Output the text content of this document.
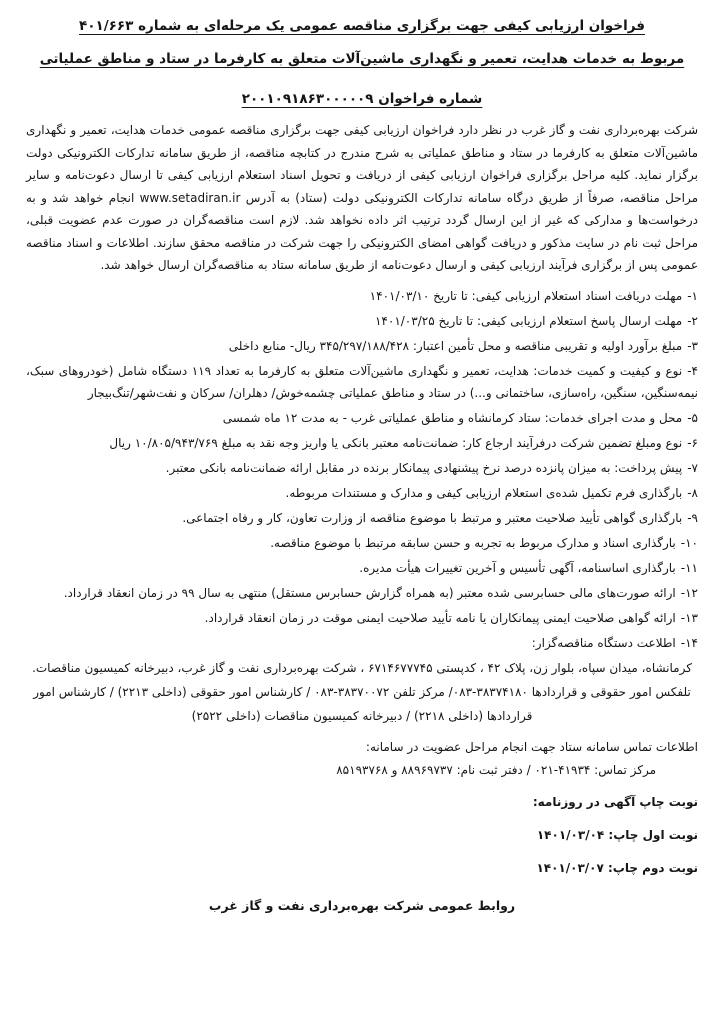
فراخوان ارزیابی کیفی جهت برگزاری مناقصه عمومی یک مرحله‌ای به شماره ۴۰۱/۶۶۳
مربوط به خدمات هدایت، تعمیر و نگهداری ماشین‌آلات متعلق به کارفرما در ستاد و مناطق عملیاتی
شماره فراخوان ۲۰۰۱۰۹۱۸۶۳۰۰۰۰۰۹

شرکت بهره‌برداری نفت و گاز غرب در نظر دارد فراخوان ارزیابی کیفی جهت برگزاری مناقصه عمومی خدمات هدایت، تعمیر و نگهداری ماشین‌آلات متعلق به کارفرما در ستاد و مناطق عملیاتی به شرح مندرج در کتابچه مناقصه، از طریق سامانه تدارکات الکترونیکی دولت برگزار نماید. کلیه مراحل برگزاری فراخوان ارزیابی کیفی از دریافت و تحویل اسناد استعلام ارزیابی کیفی تا ارسال دعوت‌نامه و سایر مراحل مناقصه، صرفاً از طریق درگاه سامانه تدارکات الکترونیکی دولت (ستاد) به آدرس www.setadiran.ir انجام خواهد شد و به درخواست‌ها و مدارکی که غیر از این ارسال گردد ترتیب اثر داده نخواهد شد. لازم است مناقصه‌گران در صورت عدم عضویت قبلی، مراحل ثبت نام در سایت مذکور و دریافت گواهی امضای الکترونیکی را جهت شرکت در مناقصه محقق سازند. اطلاعات و اسناد مناقصه عمومی پس از برگزاری فرآیند ارزیابی کیفی و ارسال دعوت‌نامه از طریق سامانه ستاد به مناقصه‌گران ارسال خواهد شد.

۱-مهلت دریافت اسناد استعلام ارزیابی کیفی: تا تاریخ ۱۴۰۱/۰۳/۱۰
۲-مهلت ارسال پاسخ استعلام ارزیابی کیفی: تا تاریخ ۱۴۰۱/۰۳/۲۵
۳-مبلغ برآورد اولیه و تقریبی مناقصه و محل تأمین اعتبار: ۳۴۵/۲۹۷/۱۸۸/۴۲۸ ریال- منابع داخلی
۴-نوع و کیفیت و کمیت خدمات: هدایت، تعمیر و نگهداری ماشین‌آلات متعلق به کارفرما به تعداد ۱۱۹ دستگاه شامل (خودروهای سبک، نیمه‌سنگین، سنگین، راه‌سازی، ساختمانی و...) در ستاد و مناطق عملیاتی چشمه‌خوش/ دهلران/ سرکان و نفت‌شهر/تنگ‌بیجار
۵-محل و مدت اجرای خدمات: ستاد کرمانشاه و مناطق عملیاتی غرب - به مدت ۱۲ ماه شمسی
۶-نوع ومبلغ تضمین شرکت درفرآیند ارجاع کار: ضمانت‌نامه معتبر بانکی یا واریز وجه نقد به مبلغ ۱۰/۸۰۵/۹۴۳/۷۶۹ ریال
۷-پیش پرداخت: به میزان پانزده درصد نرخ پیشنهادی پیمانکار برنده در مقابل ارائه ضمانت‌نامه بانکی معتبر.
۸-بارگذاری فرم تکمیل شده‌ی استعلام ارزیابی کیفی و مدارک و مستندات مربوطه.
۹-بارگذاری گواهی تأیید صلاحیت معتبر و مرتبط با موضوع مناقصه از وزارت تعاون، کار و رفاه اجتماعی.
۱۰-بارگذاری اسناد و مدارک مربوط به تجربه و حسن سابقه مرتبط با موضوع مناقصه.
۱۱-بارگذاری اساسنامه، آگهی تأسیس و آخرین تغییرات هیأت مدیره.
۱۲-ارائه صورت‌های مالی حسابرسی شده معتبر (به همراه گزارش حسابرس مستقل) منتهی به سال ۹۹ در زمان انعقاد قرارداد.
۱۳-ارائه گواهی صلاحیت ایمنی پیمانکاران یا نامه تأیید صلاحیت ایمنی موقت در زمان انعقاد قرارداد.
۱۴-اطلاعت دستگاه مناقصه‌گزار:
کرمانشاه، میدان سپاه، بلوار زن، پلاک ۴۲ ، کدپستی ۶۷۱۴۶۷۷۷۴۵ ، شرکت بهره‌برداری نفت و گاز غرب، دبیرخانه کمیسیون مناقصات.
تلفکس امور حقوقی و قراردادها ‪۰۸۳-۳۸۳۷۴۱۸۰‬/ مرکز تلفن ‪۰۸۳-۳۸۳۷۰۰۷۲‬ / کارشناس امور حقوقی (داخلی ۲۲۱۳) / کارشناس امور قراردادها (داخلی ۲۲۱۸) / دبیرخانه کمیسیون مناقصات (داخلی ۲۵۲۲)
اطلاعات تماس سامانه ستاد جهت انجام مراحل عضویت در سامانه:
مرکز تماس: ‪۰۲۱-۴۱۹۳۴‬ / دفتر ثبت نام: ۸۸۹۶۹۷۳۷ و ۸۵۱۹۳۷۶۸
نوبت چاپ آگهی در روزنامه:
نوبت اول چاپ: ۱۴۰۱/۰۳/۰۴
نوبت دوم چاپ: ۱۴۰۱/۰۳/۰۷
روابط عمومی شرکت بهره‌برداری نفت و گاز غرب
